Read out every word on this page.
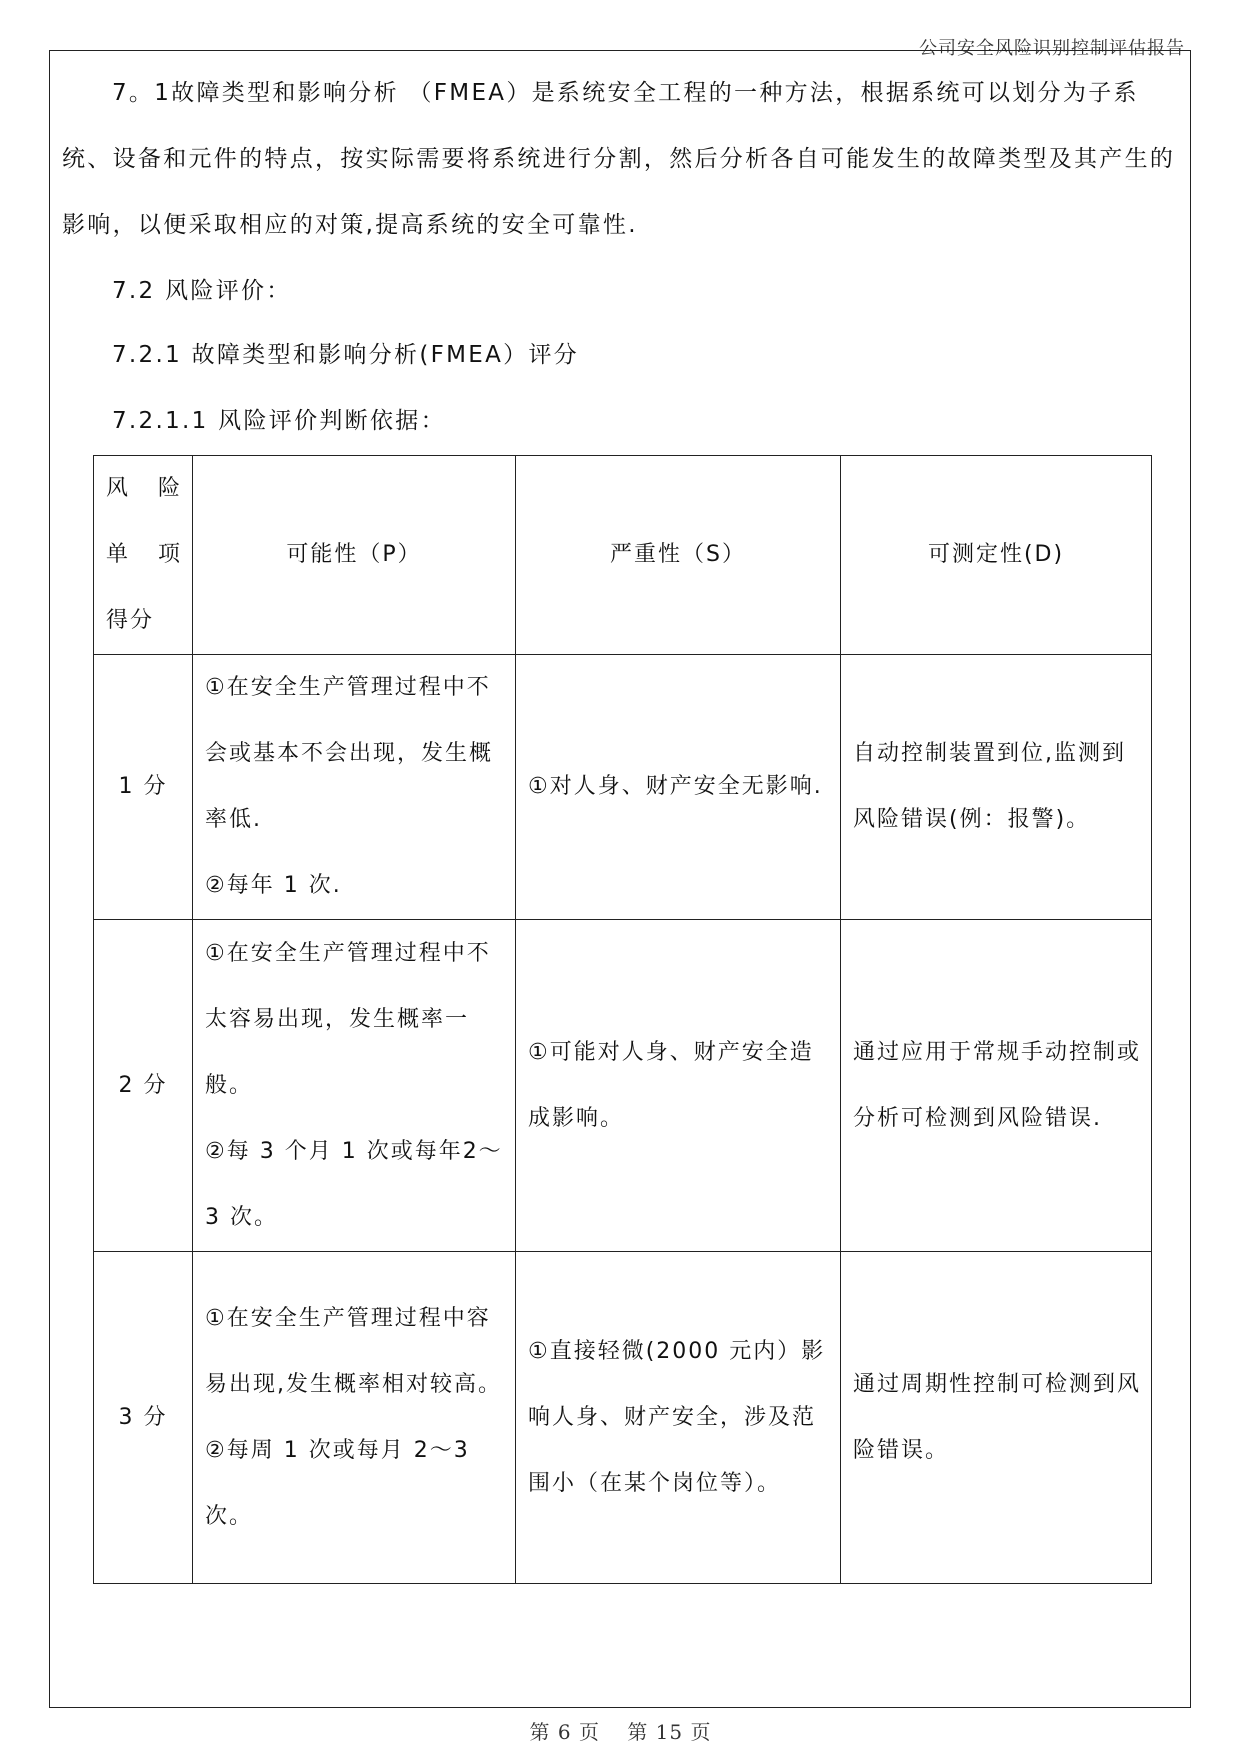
公司安全风险识别控制评估报告
7。1故障类型和影响分析 （FMEA）是系统安全工程的一种方法，根据系统可以划分为子系统、设备和元件的特点，按实际需要将系统进行分割，然后分析各自可能发生的故障类型及其产生的影响，以便采取相应的对策,提高系统的安全可靠性.
7.2 风险评价：
7.2.1 故障类型和影响分析(FMEA）评分
7.2.1.1 风险评价判断依据：
风 险
单 项
得分	可能性（P）	严重性（S）	可测定性(D)
1 分	①在安全生产管理过程中不会或基本不会出现，发生概率低.
②每年 1 次.	①对人身、财产安全无影响.	自动控制装置到位,监测到风险错误(例：报警)。

2 分	①在安全生产管理过程中不太容易出现，发生概率一般。
②每 3 个月 1 次或每年2～3 次。	①可能对人身、财产安全造成影响。	通过应用于常规手动控制或分析可检测到风险错误.

3 分	①在安全生产管理过程中容易出现,发生概率相对较高。
②每周 1 次或每月 2～3次。	①直接轻微(2000 元内）影响人身、财产安全，涉及范围小（在某个岗位等）。	通过周期性控制可检测到风险错误。
第 6 页 第 15 页
